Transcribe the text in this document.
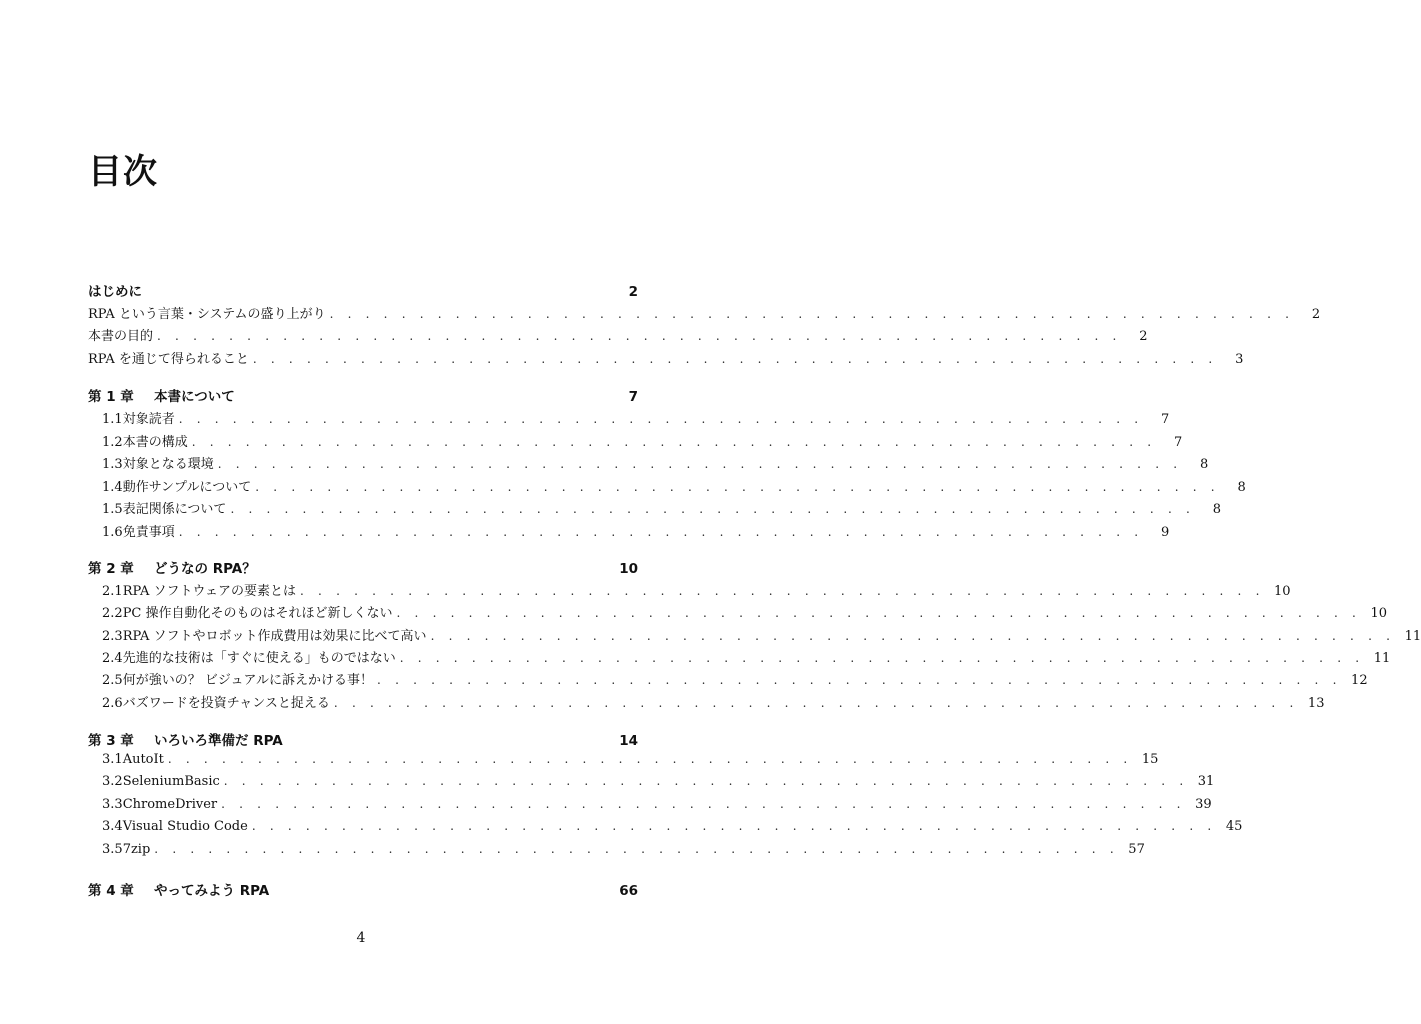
目次
はじめに	2
RPA という言葉・システムの盛り上がり . . . . . . . . . . . . . . . . . . . . . . . . . . . . . . . . . . . . . . . . . . . . . . . . . . . . . .	2
本書の目的 . . . . . . . . . . . . . . . . . . . . . . . . . . . . . . . . . . . . . . . . . . . . . . . . . . . . . .	2
RPA を通じて得られること . . . . . . . . . . . . . . . . . . . . . . . . . . . . . . . . . . . . . . . . . . . . . . . . . . . . . .	3
第 1 章	本書について	7
1.1 対象読者 . . . . . . . . . . . . . . . . . . . . . . . . . . . . . . . . . . . . . . . . . . . . . . . . . . . . . .	7
1.2 本書の構成 . . . . . . . . . . . . . . . . . . . . . . . . . . . . . . . . . . . . . . . . . . . . . . . . . . . . . .	7
1.3 対象となる環境 . . . . . . . . . . . . . . . . . . . . . . . . . . . . . . . . . . . . . . . . . . . . . . . . . . . . . .	8
1.4 動作サンプルについて . . . . . . . . . . . . . . . . . . . . . . . . . . . . . . . . . . . . . . . . . . . . . . . . . . . . . .	8
1.5 表記関係について . . . . . . . . . . . . . . . . . . . . . . . . . . . . . . . . . . . . . . . . . . . . . . . . . . . . . .	8
1.6 免責事項 . . . . . . . . . . . . . . . . . . . . . . . . . . . . . . . . . . . . . . . . . . . . . . . . . . . . . .	9
第 2 章	どうなの RPA？	10
2.1 RPA ソフトウェアの要素とは . . . . . . . . . . . . . . . . . . . . . . . . . . . . . . . . . . . . . . . . . . . . . . . . . . . . . . 10
2.2 PC 操作自動化そのものはそれほど新しくない . . . . . . . . . . . . . . . . . . . . . . . . . . . . . . . . . . . . . . . . . . . . . . . . . . . . . . 10
2.3 RPA ソフトやロボット作成費用は効果に比べて高い . . . . . . . . . . . . . . . . . . . . . . . . . . . . . . . . . . . . . . . . . . . . . . . . . . . . . . 11
2.4 先進的な技術は「すぐに使える」ものではない . . . . . . . . . . . . . . . . . . . . . . . . . . . . . . . . . . . . . . . . . . . . . . . . . . . . . . 11
2.5 何が強いの？ ビジュアルに訴えかける事！ . . . . . . . . . . . . . . . . . . . . . . . . . . . . . . . . . . . . . . . . . . . . . . . . . . . . . . 12
2.6 バズワードを投資チャンスと捉える . . . . . . . . . . . . . . . . . . . . . . . . . . . . . . . . . . . . . . . . . . . . . . . . . . . . . . 13
第 3 章	いろいろ準備だ RPA	14
3.1 AutoIt . . . . . . . . . . . . . . . . . . . . . . . . . . . . . . . . . . . . . . . . . . . . . . . . . . . . . . 15
3.2 SeleniumBasic . . . . . . . . . . . . . . . . . . . . . . . . . . . . . . . . . . . . . . . . . . . . . . . . . . . . . . 31
3.3 ChromeDriver . . . . . . . . . . . . . . . . . . . . . . . . . . . . . . . . . . . . . . . . . . . . . . . . . . . . . . 39
3.4 Visual Studio Code . . . . . . . . . . . . . . . . . . . . . . . . . . . . . . . . . . . . . . . . . . . . . . . . . . . . . . 45
3.5 7zip . . . . . . . . . . . . . . . . . . . . . . . . . . . . . . . . . . . . . . . . . . . . . . . . . . . . . . 57
第 4 章	やってみよう RPA	66
4
